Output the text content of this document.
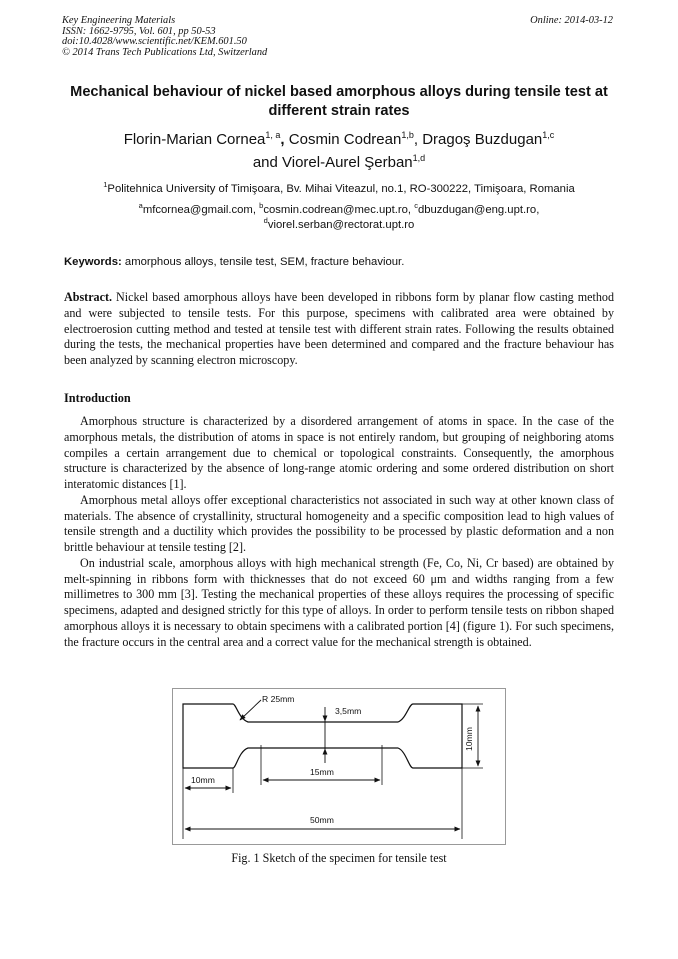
Key Engineering Materials
ISSN: 1662-9795, Vol. 601, pp 50-53
doi:10.4028/www.scientific.net/KEM.601.50
© 2014 Trans Tech Publications Ltd, Switzerland
Online: 2014-03-12
Mechanical behaviour of nickel based amorphous alloys during tensile test at different strain rates
Florin-Marian Cornea$^{1, a}$, Cosmin Codrean$^{1,b}$, Dragoş Buzdugan$^{1,c}$
and Viorel-Aurel Şerban$^{1,d}$
$^1$Politehnica University of Timişoara, Bv. Mihai Viteazul, no.1, RO-300222, Timişoara, Romania
$^a$mfcornea@gmail.com, $^b$cosmin.codrean@mec.upt.ro, $^c$dbuzdugan@eng.upt.ro,
$^d$viorel.serban@rectorat.upt.ro
Keywords: amorphous alloys, tensile test, SEM, fracture behaviour.
Abstract. Nickel based amorphous alloys have been developed in ribbons form by planar flow casting method and were subjected to tensile tests. For this purpose, specimens with calibrated area were obtained by electroerosion cutting method and tested at tensile test with different strain rates. Following the results obtained during the tests, the mechanical properties have been determined and compared and the fracture behaviour has been analyzed by scanning electron microscopy.
Introduction

Amorphous structure is characterized by a disordered arrangement of atoms in space. In the case of the amorphous metals, the distribution of atoms in space is not entirely random, but grouping of neighboring atoms compiles a certain arrangement due to chemical or topological constraints. Consequently, the amorphous structure is characterized by the absence of long-range atomic ordering and some ordered distribution on short interatomic distances [1].

Amorphous metal alloys offer exceptional characteristics not associated in such way at other known class of materials. The absence of crystallinity, structural homogeneity and a specific composition lead to high values of tensile strength and a ductility which provides the possibility to be processed by plastic deformation and a non brittle behaviour at tensile testing [2].

On industrial scale, amorphous alloys with high mechanical strength (Fe, Co, Ni, Cr based) are obtained by melt-spinning in ribbons form with thicknesses that do not exceed 60 μm and widths ranging from a few millimetres to 300 mm [3]. Testing the mechanical properties of these alloys requires the processing of specific specimens, adapted and designed strictly for this type of alloys. In order to perform tensile tests on ribbon shaped amorphous alloys it is necessary to obtain specimens with a calibrated portion [4] (figure 1). For such specimens, the fracture occurs in the central area and a correct value for the mechanical strength is obtained.

R 25mm
3,5mm
10mm
15mm
10mm
50mm
Fig. 1 Sketch of the specimen for tensile test
